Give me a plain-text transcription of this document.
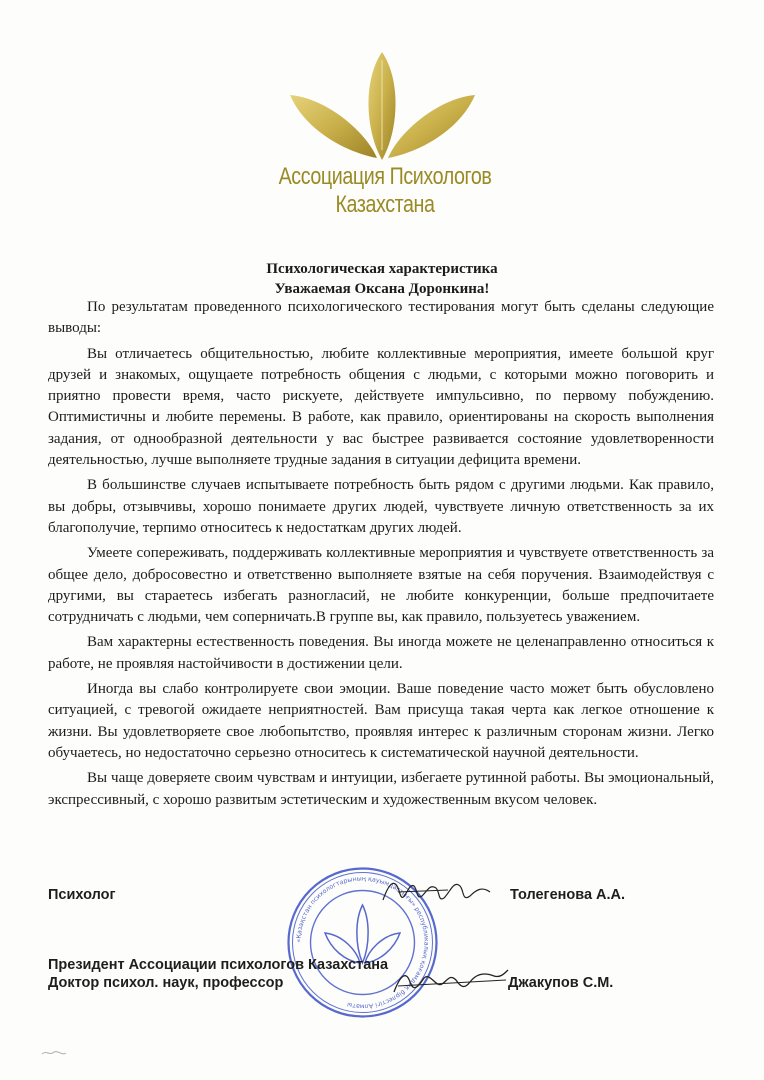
Ассоциация Психологов Казахстана
Психологическая характеристика
Уважаемая Оксана Доронкина!

По результатам проведенного психологического тестирования могут быть сделаны следующие выводы:

Вы отличаетесь общительностью, любите коллективные мероприятия, имеете большой круг друзей и знакомых, ощущаете потребность общения с людьми, с которыми можно поговорить и приятно провести время, часто рискуете, действуете импульсивно, по первому побуждению. Оптимистичны и любите перемены. В работе, как правило, ориентированы на скорость выполнения задания, от однообразной деятельности у вас быстрее развивается состояние удовлетворенности деятельностью, лучше выполняете трудные задания в ситуации дефицита времени.

В большинстве случаев испытываете потребность быть рядом с другими людьми. Как правило, вы добры, отзывчивы, хорошо понимаете других людей, чувствуете личную ответственность за их благополучие, терпимо относитесь к недостаткам других людей.

Умеете сопереживать, поддерживать коллективные мероприятия и чувствуете ответственность за общее дело, добросовестно и ответственно выполняете взятые на себя поручения. Взаимодействуя с другими, вы стараетесь избегать разногласий, не любите конкуренции, больше предпочитаете сотрудничать с людьми, чем соперничать.В группе вы, как правило, пользуетесь уважением.

Вам характерны естественность поведения. Вы иногда можете не целенаправленно относиться к работе, не проявляя настойчивости в достижении цели.

Иногда вы слабо контролируете свои эмоции. Ваше поведение часто может быть обусловлено ситуацией, с тревогой ожидаете неприятностей. Вам присуща такая черта как легкое отношение к жизни. Вы удовлетворяете свое любопытство, проявляя интерес к различным сторонам жизни. Легко обучаетесь, но недостаточно серьезно относитесь к систематической научной деятельности.

Вы чаще доверяете своим чувствам и интуиции, избегаете рутинной работы. Вы эмоциональный, экспрессивный, с хорошо развитым эстетическим и художественным вкусом человек.

«Қазақстан психологтарының қауымдастығы» республикалық қоғамдық бірлестігі Алматы
Психолог	Толегенова А.А.
Президент Ассоциации психологов Казахстана
Доктор психол. наук, профессор	Джакупов С.М.
